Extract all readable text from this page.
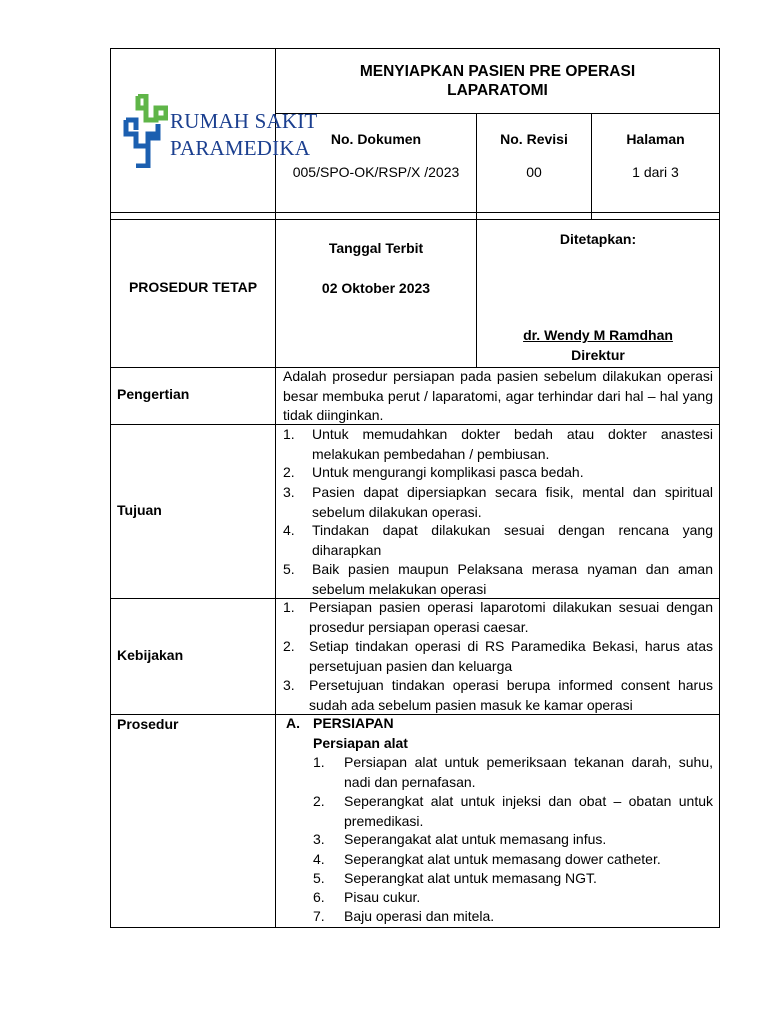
RUMAH SAKIT
PARAMEDIKA
MENYIAPKAN PASIEN PRE OPERASI
LAPARATOMI
No. Dokumen
005/SPO-OK/RSP/X /2023
No. Revisi
00
Halaman
1 dari 3
PROSEDUR TETAP
Tanggal Terbit
02 Oktober 2023
Ditetapkan:
dr. Wendy M Ramdhan
Direktur
Pengertian
Adalah prosedur persiapan pada pasien sebelum dilakukan operasi besar membuka perut / laparatomi, agar terhindar dari hal – hal yang tidak diinginkan.
Tujuan
1. Untuk memudahkan dokter bedah atau dokter anastesi melakukan pembedahan / pembiusan.
2. Untuk mengurangi komplikasi pasca bedah.
3. Pasien dapat dipersiapkan secara fisik, mental dan spiritual sebelum dilakukan operasi.
4. Tindakan dapat dilakukan sesuai dengan rencana yang diharapkan
5. Baik pasien maupun Pelaksana merasa nyaman dan aman sebelum melakukan operasi
Kebijakan
1. Persiapan pasien operasi laparotomi dilakukan sesuai dengan prosedur persiapan operasi caesar.
2. Setiap tindakan operasi di RS Paramedika Bekasi, harus atas persetujuan pasien dan keluarga
3. Persetujuan tindakan operasi berupa informed consent harus sudah ada sebelum pasien masuk ke kamar operasi
Prosedur	A. PERSIAPAN
Persiapan alat
1. Persiapan alat untuk pemeriksaan tekanan darah, suhu, nadi dan pernafasan.
2. Seperangkat alat untuk injeksi dan obat – obatan untuk premedikasi.
3. Seperangakat alat untuk memasang infus.
4. Seperangkat alat untuk memasang dower catheter.
5. Seperangkat alat untuk memasang NGT.
6. Pisau cukur.
7. Baju operasi dan mitela.
